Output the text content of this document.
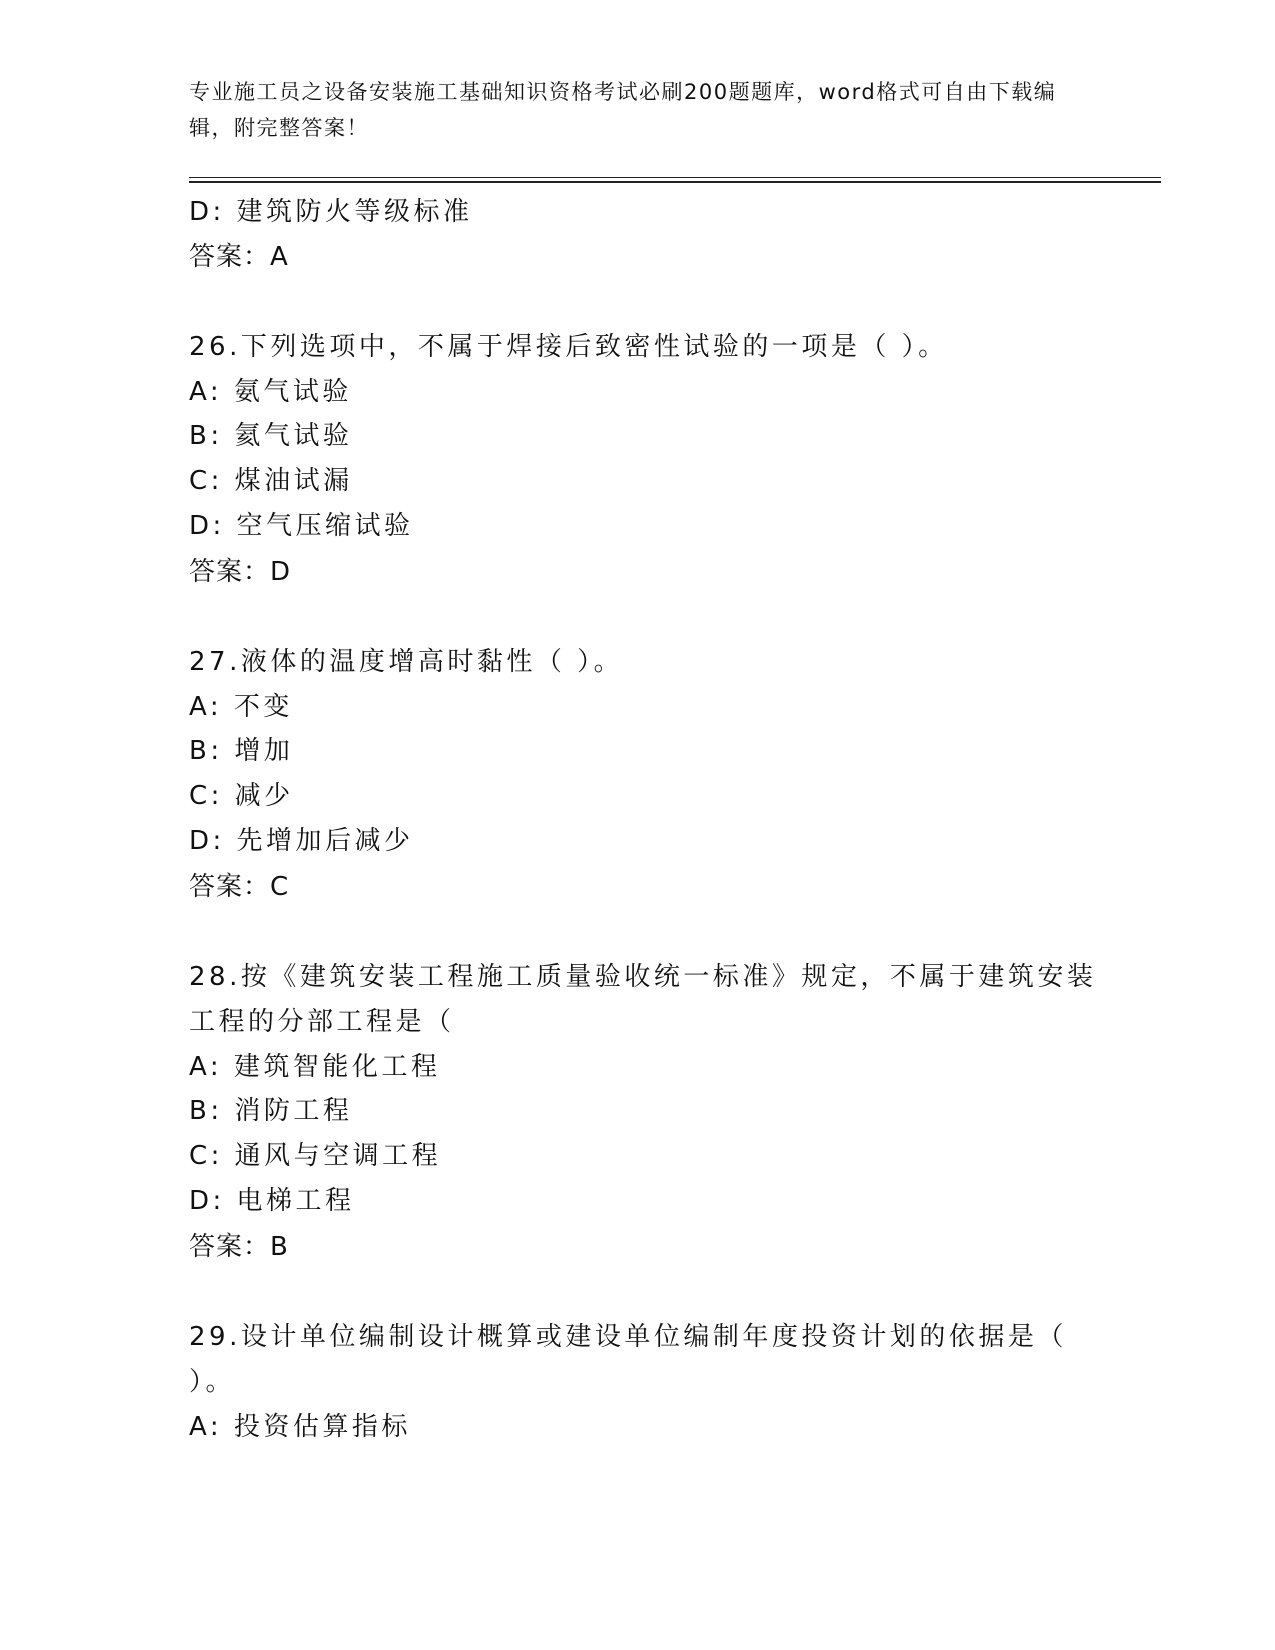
专业施工员之设备安装施工基础知识资格考试必刷200题题库，word格式可自由下载编辑，附完整答案！
D: 建筑防火等级标准
答案：A
26.下列选项中，不属于焊接后致密性试验的一项是（ ）。
A: 氨气试验
B: 氦气试验
C: 煤油试漏
D: 空气压缩试验
答案：D
27.液体的温度增高时黏性（ ）。
A: 不变
B: 增加
C: 减少
D: 先增加后减少
答案：C
28.按《建筑安装工程施工质量验收统一标准》规定，不属于建筑安装
工程的分部工程是（
A: 建筑智能化工程
B: 消防工程
C: 通风与空调工程
D: 电梯工程
答案：B
29.设计单位编制设计概算或建设单位编制年度投资计划的依据是（
）。
A: 投资估算指标
